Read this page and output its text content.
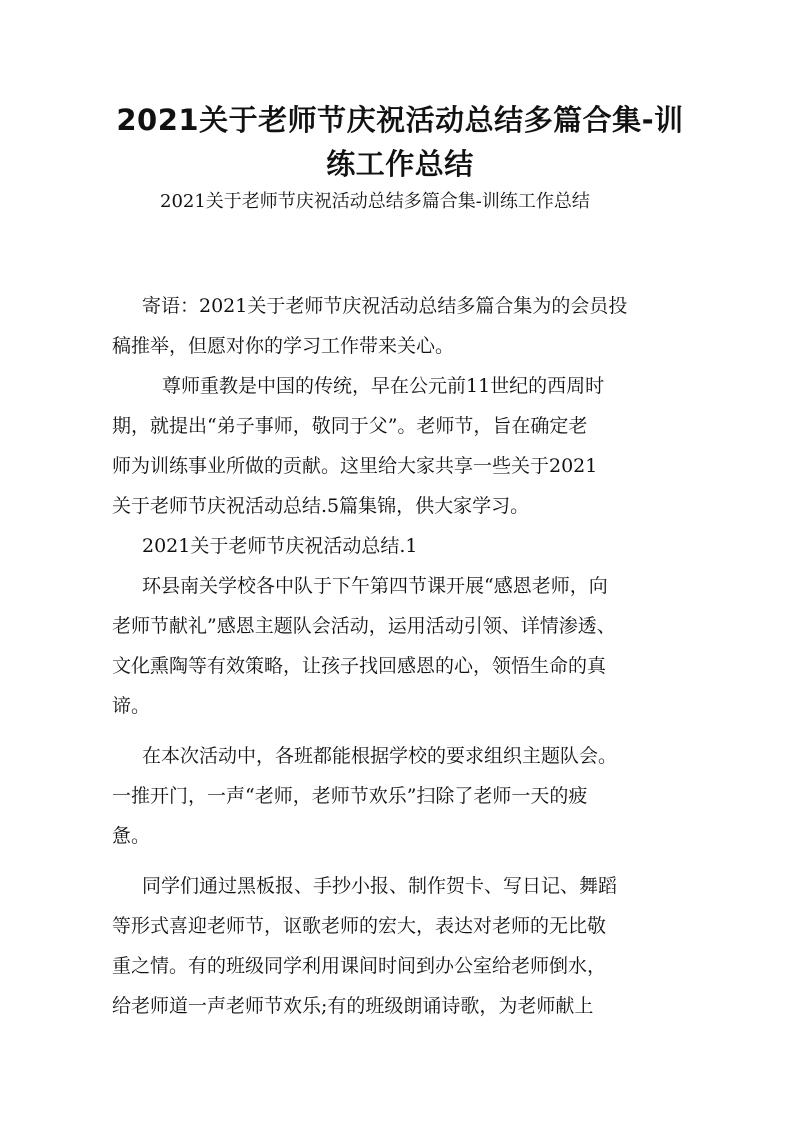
2021关于老师节庆祝活动总结多篇合集-训
练工作总结
2021关于老师节庆祝活动总结多篇合集-训练工作总结

寄语：2021关于老师节庆祝活动总结多篇合集为的会员投

稿推举，但愿对你的学习工作带来关心。

尊师重教是中国的传统，早在公元前11世纪的西周时

期，就提出“弟子事师，敬同于父”。老师节，旨在确定老

师为训练事业所做的贡献。这里给大家共享一些关于2021

关于老师节庆祝活动总结.5篇集锦，供大家学习。

2021关于老师节庆祝活动总结.1

环县南关学校各中队于下午第四节课开展“感恩老师，向

老师节献礼”感恩主题队会活动，运用活动引领、详情渗透、

文化熏陶等有效策略，让孩子找回感恩的心，领悟生命的真

谛。

在本次活动中，各班都能根据学校的要求组织主题队会。

一推开门，一声“老师，老师节欢乐”扫除了老师一天的疲

惫。

同学们通过黑板报、手抄小报、制作贺卡、写日记、舞蹈

等形式喜迎老师节，讴歌老师的宏大，表达对老师的无比敬

重之情。有的班级同学利用课间时间到办公室给老师倒水，

给老师道一声老师节欢乐;有的班级朗诵诗歌，为老师献上
